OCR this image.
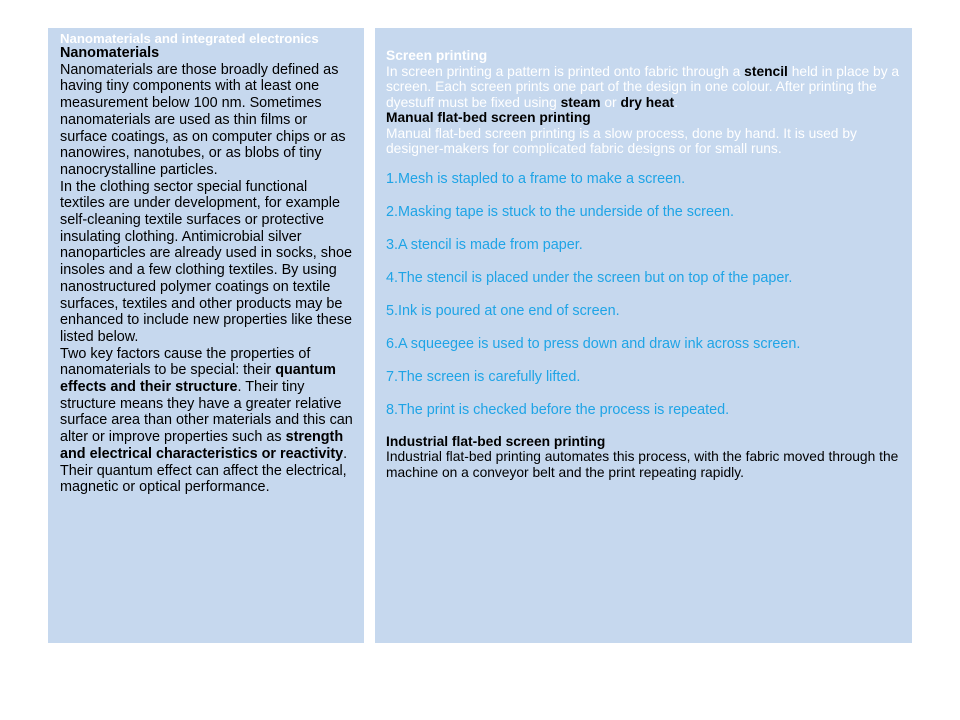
Nanomaterials and integrated electronics

Nanomaterials

Nanomaterials are those broadly defined as having tiny components with at least one measurement below 100 nm. Sometimes nanomaterials are used as thin films or surface coatings, as on computer chips or as nanowires, nanotubes, or as blobs of tiny nanocrystalline particles.

In the clothing sector special functional textiles are under development, for example self-cleaning textile surfaces or protective insulating clothing. Antimicrobial silver nanoparticles are already used in socks, shoe insoles and a few clothing textiles. By using nanostructured polymer coatings on textile surfaces, textiles and other products may be enhanced to include new properties like these listed below.

Two key factors cause the properties of nanomaterials to be special: their quantum effects and their structure. Their tiny structure means they have a greater relative surface area than other materials and this can alter or improve properties such as strength and electrical characteristics or reactivity. Their quantum effect can affect the electrical, magnetic or optical performance.

Screen printing

In screen printing a pattern is printed onto fabric through a stencil held in place by a screen. Each screen prints one part of the design in one colour. After printing the dyestuff must be fixed using steam or dry heat.

Manual flat-bed screen printing

Manual flat-bed screen printing is a slow process, done by hand. It is used by designer-makers for complicated fabric designs or for small runs.

1.Mesh is stapled to a frame to make a screen.
2.Masking tape is stuck to the underside of the screen.
3.A stencil is made from paper.
4.The stencil is placed under the screen but on top of the paper.
5.Ink is poured at one end of screen.
6.A squeegee is used to press down and draw ink across screen.
7.The screen is carefully lifted.
8.The print is checked before the process is repeated.

Industrial flat-bed screen printing

Industrial flat-bed printing automates this process, with the fabric moved through the machine on a conveyor belt and the print repeating rapidly.
